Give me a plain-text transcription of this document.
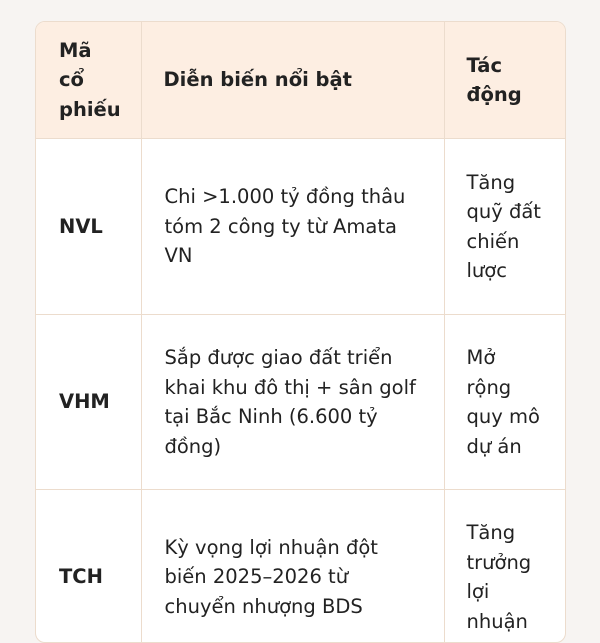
Mã cổ phiếu	Diễn biến nổi bật	Tác động
NVL	Chi >1.000 tỷ đồng thâu tóm 2 công ty từ Amata VN	Tăng quỹ đất chiến lược
VHM	Sắp được giao đất triển khai khu đô thị + sân golf tại Bắc Ninh (6.600 tỷ đồng)	Mở rộng quy mô dự án
TCH	Kỳ vọng lợi nhuận đột biến 2025–2026 từ chuyển nhượng BDS	Tăng trưởng lợi nhuận
